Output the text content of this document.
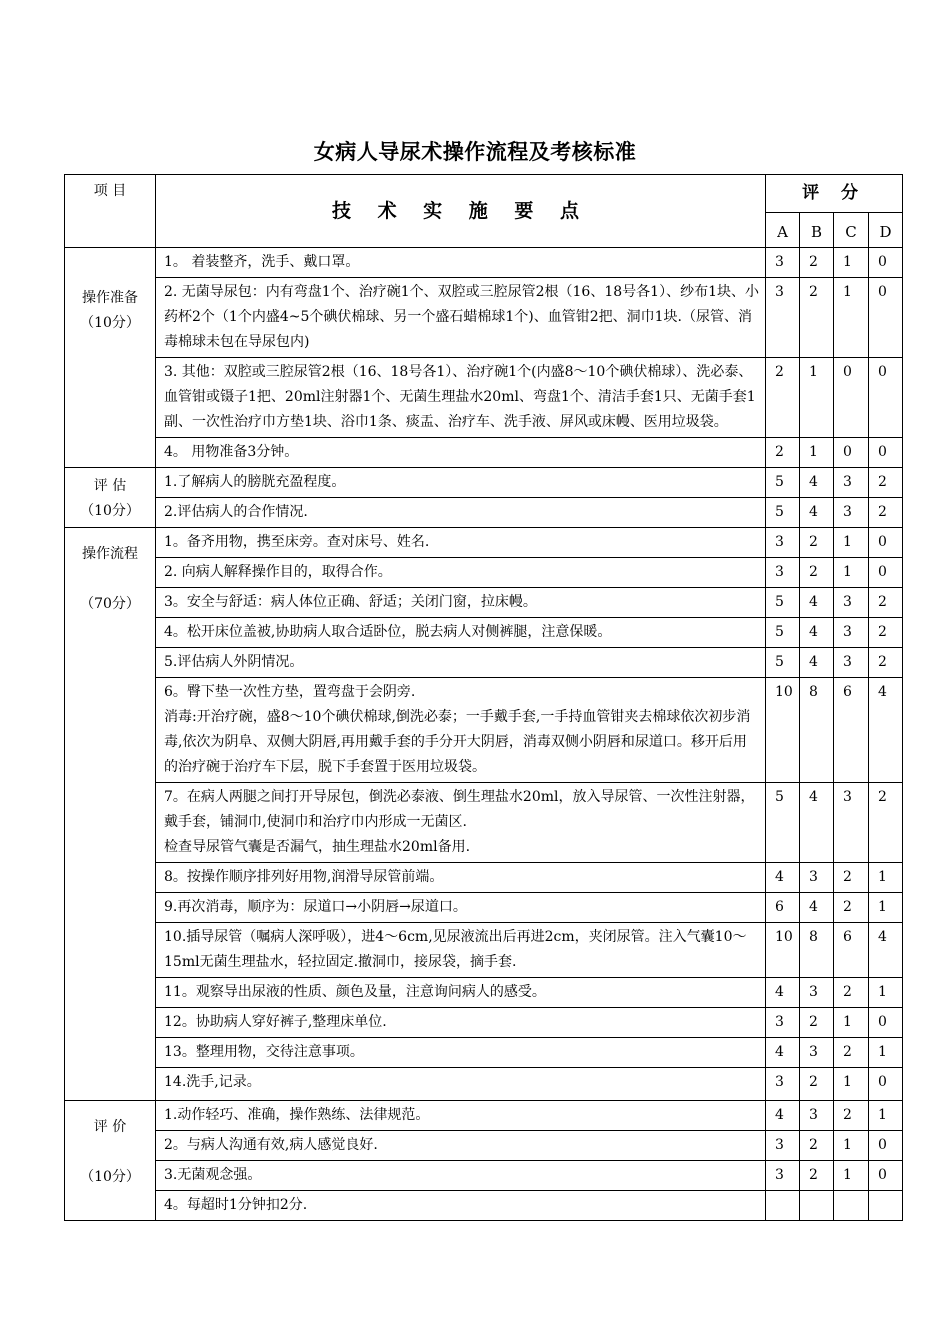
女病人导尿术操作流程及考核标准
项 目	技 术 实 施 要 点	评 分			
		A	B	C	D

操作准备
（10分）	1。 着装整齐，洗手、戴口罩。	3	2	1	0

	2. 无菌导尿包：内有弯盘1个、治疗碗1个、双腔或三腔尿管2根（16、18号各1）、纱布1块、小药杯2个（1个内盛4~5个碘伏棉球、另一个盛石蜡棉球1个)、血管钳2把、洞巾1块.（尿管、消毒棉球未包在导尿包内)	3	2	1	0

	3. 其他：双腔或三腔尿管2根（16、18号各1）、治疗碗1个(内盛8～10个碘伏棉球）、洗必泰、血管钳或镊子1把、20ml注射器1个、无菌生理盐水20ml、弯盘1个、清洁手套1只、无菌手套1副、一次性治疗巾方垫1块、浴巾1条、痰盂、治疗车、洗手液、屏风或床幔、医用垃圾袋。	2	1	0	0

	4。 用物准备3分钟。	2	1	0	0

评 估
（10分）	1.了解病人的膀胱充盈程度。	5	4	3	2

	2.评估病人的合作情况.	5	4	3	2

操作流程
（70分）	1。备齐用物，携至床旁。查对床号、姓名.	3	2	1	0

	2. 向病人解释操作目的，取得合作。	3	2	1	0

	3。安全与舒适：病人体位正确、舒适；关闭门窗，拉床幔。	5	4	3	2

	4。松开床位盖被,协助病人取合适卧位，脱去病人对侧裤腿，注意保暖。	5	4	3	2

	5.评估病人外阴情况。	5	4	3	2

	6。臀下垫一次性方垫，置弯盘于会阴旁.
消毒:开治疗碗，盛8～10个碘伏棉球,倒洗必泰；一手戴手套,一手持血管钳夹去棉球依次初步消毒,依次为阴阜、双侧大阴唇,再用戴手套的手分开大阴唇，消毒双侧小阴唇和尿道口。移开后用的治疗碗于治疗车下层，脱下手套置于医用垃圾袋。	10	8	6	4

	7。在病人两腿之间打开导尿包，倒洗必泰液、倒生理盐水20ml，放入导尿管、一次性注射器，戴手套，铺洞巾,使洞巾和治疗巾内形成一无菌区.
检查导尿管气囊是否漏气，抽生理盐水20ml备用.	5	4	3	2

	8。按操作顺序排列好用物,润滑导尿管前端。	4	3	2	1

	9.再次消毒，顺序为：尿道口→小阴唇→尿道口。	6	4	2	1

	10.插导尿管（嘱病人深呼吸），进4～6cm,见尿液流出后再进2cm，夹闭尿管。注入气囊10～15ml无菌生理盐水，轻拉固定.撤洞巾，接尿袋，摘手套.	10	8	6	4

	11。观察导出尿液的性质、颜色及量，注意询问病人的感受。	4	3	2	1

	12。协助病人穿好裤子,整理床单位.	3	2	1	0

	13。整理用物，交待注意事项。	4	3	2	1

	14.洗手,记录。	3	2	1	0

评 价
（10分）	1.动作轻巧、准确，操作熟练、法律规范。	4	3	2	1

	2。与病人沟通有效,病人感觉良好.	3	2	1	0

	3.无菌观念强。	3	2	1	0

	4。每超时1分钟扣2分.				
